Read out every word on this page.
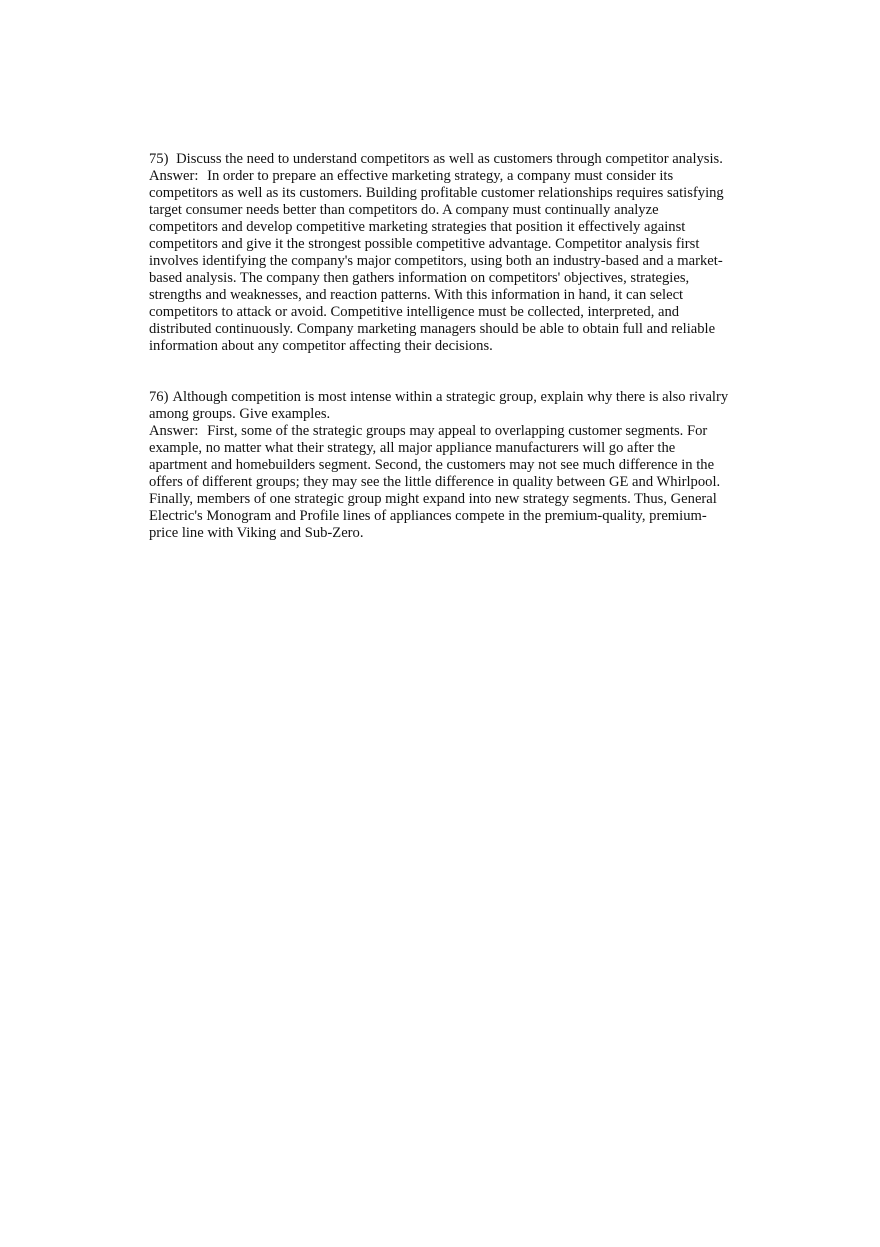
75) Discuss the need to understand competitors as well as customers through competitor analysis.

Answer: In order to prepare an effective marketing strategy, a company must consider its competitors as well as its customers. Building profitable customer relationships requires satisfying target consumer needs better than competitors do. A company must continually analyze competitors and develop competitive marketing strategies that position it effectively against competitors and give it the strongest possible competitive advantage. Competitor analysis first involves identifying the company's major competitors, using both an industry-based and a market-based analysis. The company then gathers information on competitors' objectives, strategies, strengths and weaknesses, and reaction patterns. With this information in hand, it can select competitors to attack or avoid. Competitive intelligence must be collected, interpreted, and distributed continuously. Company marketing managers should be able to obtain full and reliable information about any competitor affecting their decisions.

76) Although competition is most intense within a strategic group, explain why there is also rivalry among groups. Give examples.

Answer: First, some of the strategic groups may appeal to overlapping customer segments. For example, no matter what their strategy, all major appliance manufacturers will go after the apartment and homebuilders segment. Second, the customers may not see much difference in the offers of different groups; they may see the little difference in quality between GE and Whirlpool. Finally, members of one strategic group might expand into new strategy segments. Thus, General Electric's Monogram and Profile lines of appliances compete in the premium-quality, premium-price line with Viking and Sub-Zero.
